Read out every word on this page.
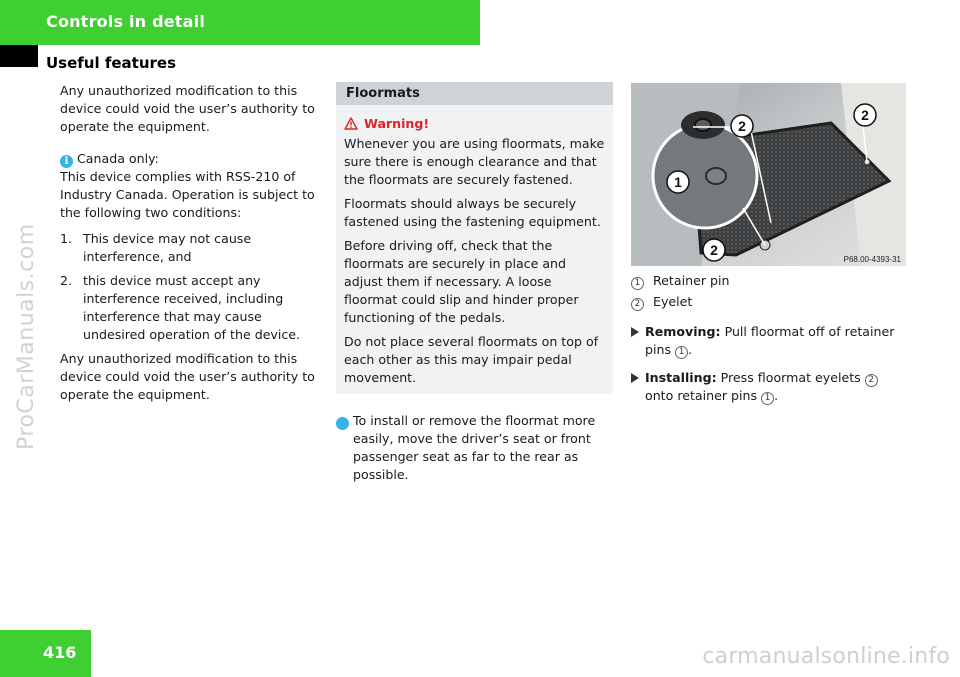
Controls in detail
Useful features
ProCarManuals.com

Any unauthorized modification to this device could void the user’s authority to operate the equipment.

i Canada only:

This device complies with RSS-210 of Industry Canada. Operation is subject to the following two conditions:

1. This device may not cause interference, and
2. this device must accept any interference received, including interference that may cause undesired operation of the device.

Any unauthorized modification to this device could void the user’s authority to operate the equipment.

Floormats
Warning!

Whenever you are using floormats, make sure there is enough clearance and that the floormats are securely fastened.

Floormats should always be securely fastened using the fastening equipment.

Before driving off, check that the floormats are securely in place and adjust them if necessary. A loose floormat could slip and hinder proper functioning of the pedals.

Do not place several floormats on top of each other as this may impair pedal movement.

i To install or remove the floormat more easily, move the driver’s seat or front passenger seat as far to the rear as possible.
2
2
1
2
P68.00-4393-31
1 Retainer pin
2 Eyelet
Removing: Pull floormat off of retainer pins 1 .
Installing: Press floormat eyelets 2 onto retainer pins 1 .
416	carmanualsonline.info
